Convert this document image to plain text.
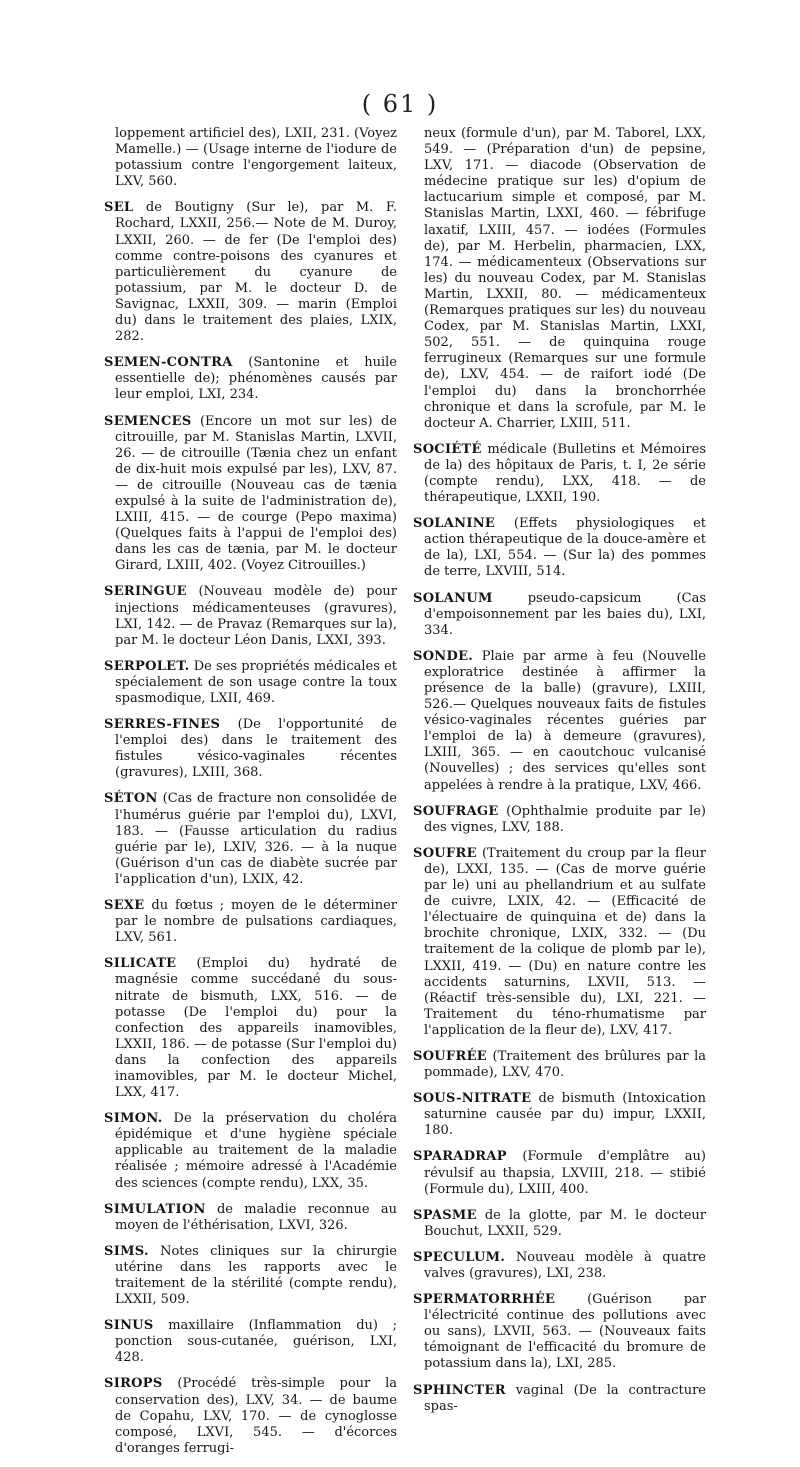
( 61 )

loppement artificiel des), LXII, 231. (Voyez Mamelle.) — (Usage interne de l'iodure de potassium contre l'engorgement laiteux, LXV, 560.

SEL de Boutigny (Sur le), par M. F. Rochard, LXXII, 256.— Note de M. Duroy, LXXII, 260. — de fer (De l'emploi des) comme contre-poisons des cyanures et particulièrement du cyanure de potassium, par M. le docteur D. de Savignac, LXXII, 309. — marin (Emploi du) dans le traitement des plaies, LXIX, 282.

SEMEN-CONTRA (Santonine et huile essentielle de); phénomènes causés par leur emploi, LXI, 234.

SEMENCES (Encore un mot sur les) de citrouille, par M. Stanislas Martin, LXVII, 26. — de citrouille (Tænia chez un enfant de dix-huit mois expulsé par les), LXV, 87. — de citrouille (Nouveau cas de tænia expulsé à la suite de l'administration de), LXIII, 415. — de courge (Pepo maxima) (Quelques faits à l'appui de l'emploi des) dans les cas de tænia, par M. le docteur Girard, LXIII, 402. (Voyez Citrouilles.)

SERINGUE (Nouveau modèle de) pour injections médicamenteuses (gravures), LXI, 142. — de Pravaz (Remarques sur la), par M. le docteur Léon Danis, LXXI, 393.

SERPOLET. De ses propriétés médicales et spécialement de son usage contre la toux spasmodique, LXII, 469.

SERRES-FINES (De l'opportunité de l'emploi des) dans le traitement des fistules vésico-vaginales récentes (gravures), LXIII, 368.

SÉTON (Cas de fracture non consolidée de l'humérus guérie par l'emploi du), LXVI, 183. — (Fausse articulation du radius guérie par le), LXIV, 326. — à la nuque (Guérison d'un cas de diabète sucrée par l'application d'un), LXIX, 42.

SEXE du fœtus ; moyen de le déterminer par le nombre de pulsations cardiaques, LXV, 561.

SILICATE (Emploi du) hydraté de magnésie comme succédané du sous-nitrate de bismuth, LXX, 516. — de potasse (De l'emploi du) pour la confection des appareils inamovibles, LXXII, 186. — de potasse (Sur l'emploi du) dans la confection des appareils inamovibles, par M. le docteur Michel, LXX, 417.

SIMON. De la préservation du choléra épidémique et d'une hygiène spéciale applicable au traitement de la maladie réalisée ; mémoire adressé à l'Académie des sciences (compte rendu), LXX, 35.

SIMULATION de maladie reconnue au moyen de l'éthérisation, LXVI, 326.

SIMS. Notes cliniques sur la chirurgie utérine dans les rapports avec le traitement de la stérilité (compte rendu), LXXII, 509.

SINUS maxillaire (Inflammation du) ; ponction sous-cutanée, guérison, LXI, 428.

SIROPS (Procédé très-simple pour la conservation des), LXV, 34. — de baume de Copahu, LXV, 170. — de cynoglosse composé, LXVI, 545. — d'écorces d'oranges ferrugi-

neux (formule d'un), par M. Taborel, LXX, 549. — (Préparation d'un) de pepsine, LXV, 171. — diacode (Observation de médecine pratique sur les) d'opium de lactucarium simple et composé, par M. Stanislas Martin, LXXI, 460. — fébrifuge laxatif, LXIII, 457. — iodées (Formules de), par M. Herbelin, pharmacien, LXX, 174. — médicamenteux (Observations sur les) du nouveau Codex, par M. Stanislas Martin, LXXII, 80. — médicamenteux (Remarques pratiques sur les) du nouveau Codex, par M. Stanislas Martin, LXXI, 502, 551. — de quinquina rouge ferrugineux (Remarques sur une formule de), LXV, 454. — de raifort iodé (De l'emploi du) dans la bronchorrhée chronique et dans la scrofule, par M. le docteur A. Charrier, LXIII, 511.

SOCIÉTÉ médicale (Bulletins et Mémoires de la) des hôpitaux de Paris, t. I, 2e série (compte rendu), LXX, 418. — de thérapeutique, LXXII, 190.

SOLANINE (Effets physiologiques et action thérapeutique de la douce-amère et de la), LXI, 554. — (Sur la) des pommes de terre, LXVIII, 514.

SOLANUM pseudo-capsicum (Cas d'empoisonnement par les baies du), LXI, 334.

SONDE. Plaie par arme à feu (Nouvelle exploratrice destinée à affirmer la présence de la balle) (gravure), LXIII, 526.— Quelques nouveaux faits de fistules vésico-vaginales récentes guéries par l'emploi de la) à demeure (gravures), LXIII, 365. — en caoutchouc vulcanisé (Nouvelles) ; des services qu'elles sont appelées à rendre à la pratique, LXV, 466.

SOUFRAGE (Ophthalmie produite par le) des vignes, LXV, 188.

SOUFRE (Traitement du croup par la fleur de), LXXI, 135. — (Cas de morve guérie par le) uni au phellandrium et au sulfate de cuivre, LXIX, 42. — (Efficacité de l'électuaire de quinquina et de) dans la brochite chronique, LXIX, 332. — (Du traitement de la colique de plomb par le), LXXII, 419. — (Du) en nature contre les accidents saturnins, LXVII, 513. — (Réactif très-sensible du), LXI, 221. — Traitement du téno-rhumatisme par l'application de la fleur de), LXV, 417.

SOUFRÉE (Traitement des brûlures par la pommade), LXV, 470.

SOUS-NITRATE de bismuth (Intoxication saturnine causée par du) impur, LXXII, 180.

SPARADRAP (Formule d'emplâtre au) révulsif au thapsia, LXVIII, 218. — stibié (Formule du), LXIII, 400.

SPASME de la glotte, par M. le docteur Bouchut, LXXII, 529.

SPECULUM. Nouveau modèle à quatre valves (gravures), LXI, 238.

SPERMATORRHÉE (Guérison par l'électricité continue des pollutions avec ou sans), LXVII, 563. — (Nouveaux faits témoignant de l'efficacité du bromure de potassium dans la), LXI, 285.

SPHINCTER vaginal (De la contracture spas-
